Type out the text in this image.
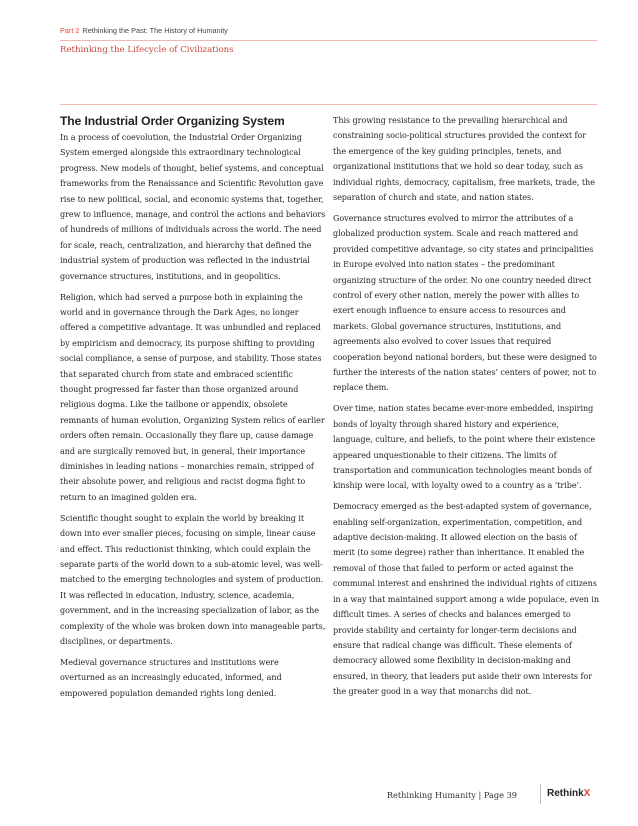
Part 2 Rethinking the Past: The History of Humanity
Rethinking the Lifecycle of Civilizations
The Industrial Order Organizing System

In a process of coevolution, the Industrial Order Organizing System emerged alongside this extraordinary technological progress. New models of thought, belief systems, and conceptual frameworks from the Renaissance and Scientific Revolution gave rise to new political, social, and economic systems that, together, grew to influence, manage, and control the actions and behaviors of hundreds of millions of individuals across the world. The need for scale, reach, centralization, and hierarchy that defined the industrial system of production was reflected in the industrial governance structures, institutions, and in geopolitics.

Religion, which had served a purpose both in explaining the world and in governance through the Dark Ages, no longer offered a competitive advantage. It was unbundled and replaced by empiricism and democracy, its purpose shifting to providing social compliance, a sense of purpose, and stability. Those states that separated church from state and embraced scientific thought progressed far faster than those organized around religious dogma. Like the tailbone or appendix, obsolete remnants of human evolution, Organizing System relics of earlier orders often remain. Occasionally they flare up, cause damage and are surgically removed but, in general, their importance diminishes in leading nations – monarchies remain, stripped of their absolute power, and religious and racist dogma fight to return to an imagined golden era.

Scientific thought sought to explain the world by breaking it down into ever smaller pieces, focusing on simple, linear cause and effect. This reductionist thinking, which could explain the separate parts of the world down to a sub-atomic level, was well-matched to the emerging technologies and system of production. It was reflected in education, industry, science, academia, government, and in the increasing specialization of labor, as the complexity of the whole was broken down into manageable parts, disciplines, or departments.

Medieval governance structures and institutions were overturned as an increasingly educated, informed, and empowered population demanded rights long denied.

This growing resistance to the prevailing hierarchical and constraining socio-political structures provided the context for the emergence of the key guiding principles, tenets, and organizational institutions that we hold so dear today, such as individual rights, democracy, capitalism, free markets, trade, the separation of church and state, and nation states.

Governance structures evolved to mirror the attributes of a globalized production system. Scale and reach mattered and provided competitive advantage, so city states and principalities in Europe evolved into nation states – the predominant organizing structure of the order. No one country needed direct control of every other nation, merely the power with allies to exert enough influence to ensure access to resources and markets. Global governance structures, institutions, and agreements also evolved to cover issues that required cooperation beyond national borders, but these were designed to further the interests of the nation states’ centers of power, not to replace them.

Over time, nation states became ever-more embedded, inspiring bonds of loyalty through shared history and experience, language, culture, and beliefs, to the point where their existence appeared unquestionable to their citizens. The limits of transportation and communication technologies meant bonds of kinship were local, with loyalty owed to a country as a ‘tribe’.

Democracy emerged as the best-adapted system of governance, enabling self-organization, experimentation, competition, and adaptive decision-making. It allowed election on the basis of merit (to some degree) rather than inheritance. It enabled the removal of those that failed to perform or acted against the communal interest and enshrined the individual rights of citizens in a way that maintained support among a wide populace, even in difficult times. A series of checks and balances emerged to provide stability and certainty for longer-term decisions and ensure that radical change was difficult. These elements of democracy allowed some flexibility in decision-making and ensured, in theory, that leaders put aside their own interests for the greater good in a way that monarchs did not.

Rethinking Humanity | Page 39	RethinkX
